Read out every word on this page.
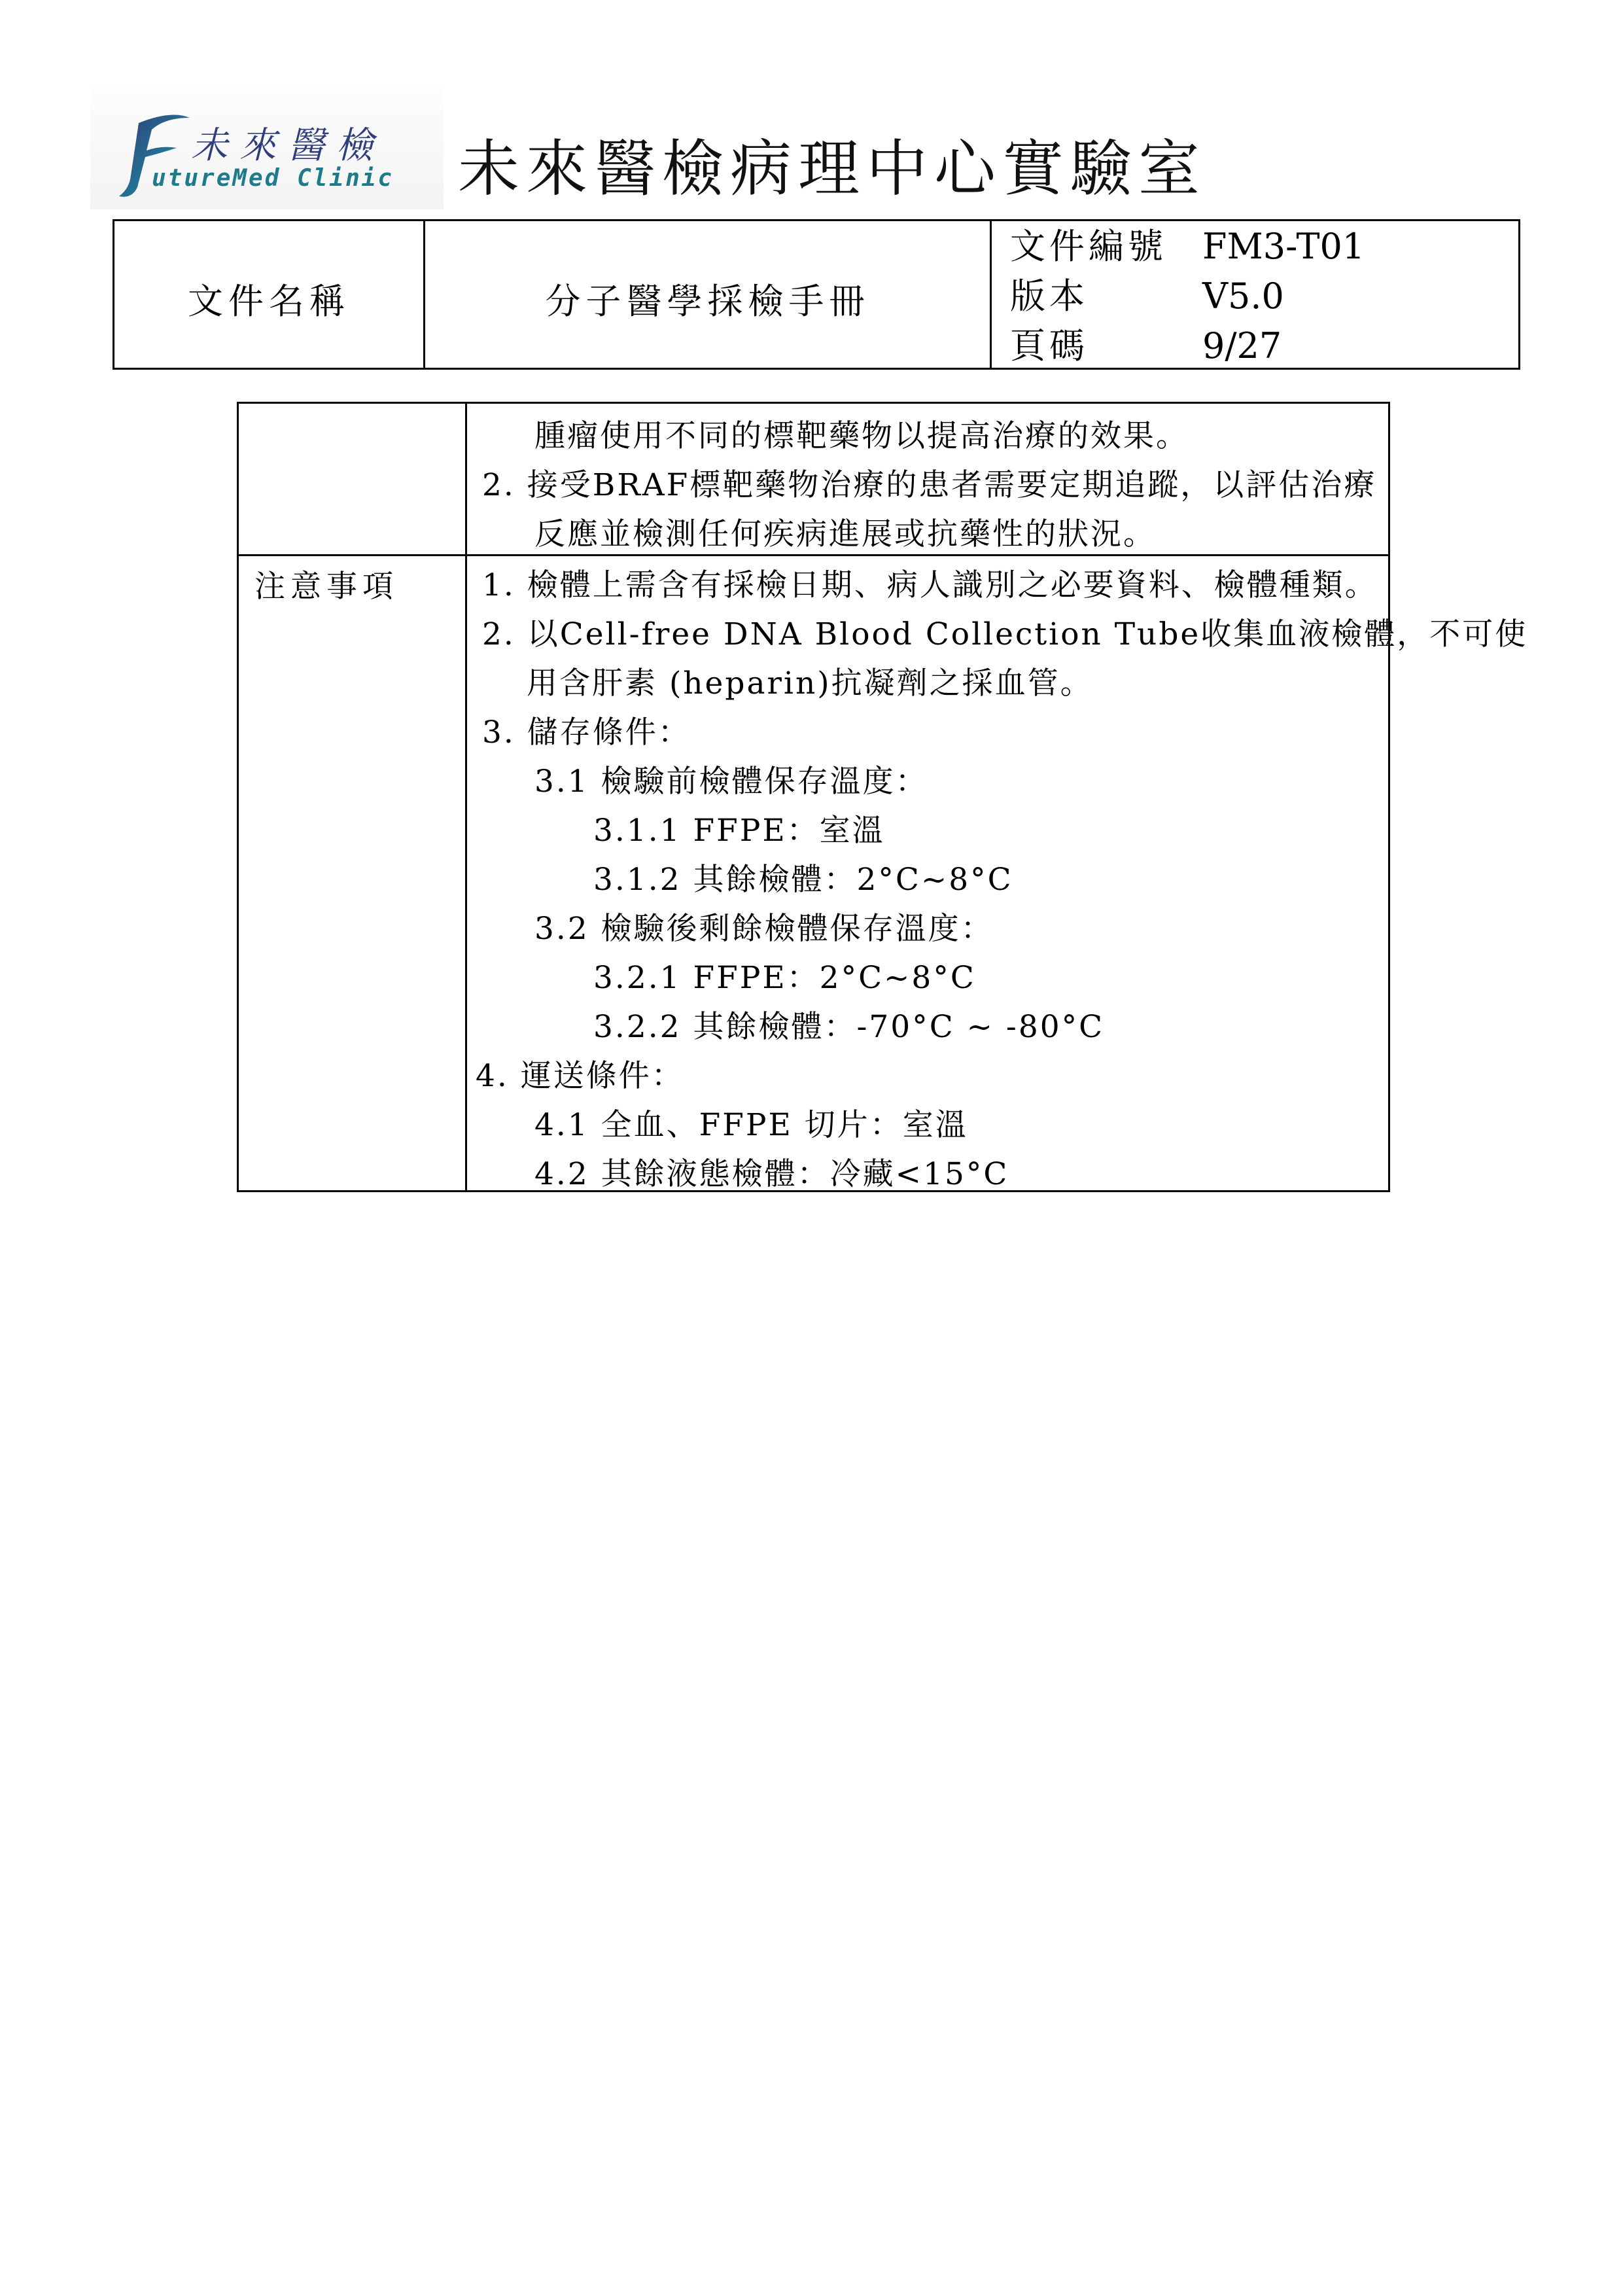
未來醫檢
utureMed Clinic 未來醫檢病理中心實驗室
文件名稱	分子醫學採檢手冊
文件編號 FM3-T01
版本	V5.0
頁碼	9/27
腫瘤使用不同的標靶藥物以提高治療的效果。
2. 接受BRAF標靶藥物治療的患者需要定期追蹤，以評估治療
反應並檢測任何疾病進展或抗藥性的狀況。
注意事項	1. 檢體上需含有採檢日期、病人識別之必要資料、檢體種類。
2. 以Cell-free DNA Blood Collection Tube收集血液檢體，不可使
用含肝素 (heparin)抗凝劑之採血管。
3. 儲存條件：
3.1 檢驗前檢體保存溫度：
3.1.1 FFPE：室溫
3.1.2 其餘檢體：2°C~8°C
3.2 檢驗後剩餘檢體保存溫度：
3.2.1 FFPE：2°C~8°C
3.2.2 其餘檢體：-70°C ~ -80°C
4. 運送條件：
4.1 全血、FFPE 切片：室溫
4.2 其餘液態檢體：冷藏<15°C
